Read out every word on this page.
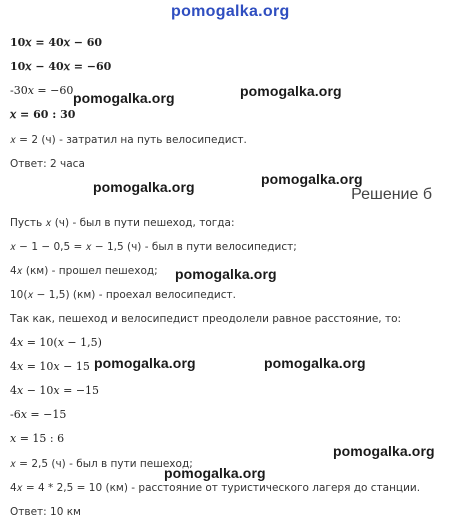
pomogalka.org
10𝑥 = 40𝑥 − 60
10𝑥 − 40𝑥 = −60
-30𝑥 = −60
𝑥 = 60 : 30
𝑥 = 2 (ч) - затратил на путь велосипедист.
Ответ: 2 часа
Решение б
Пусть 𝑥 (ч) - был в пути пешеход, тогда:
𝑥 − 1 − 0,5 = 𝑥 − 1,5 (ч) - был в пути велосипедист;
4𝑥 (км) - прошел пешеход;
10(𝑥 − 1,5) (км) - проехал велосипедист.
Так как, пешеход и велосипедист преодолели равное расстояние, то:
4𝑥 = 10(𝑥 − 1,5)
4𝑥 = 10𝑥 − 15
4𝑥 − 10𝑥 = −15
-6𝑥 = −15
𝑥 = 15 : 6
𝑥 = 2,5 (ч) - был в пути пешеход;
4𝑥 = 4 * 2,5 = 10 (км) - расстояние от туристического лагеря до станции.
Ответ: 10 км
pomogalka.org	pomogalka.org
pomogalka.org	pomogalka.org
pomogalka.org
pomogalka.org	pomogalka.org
pomogalka.org
pomogalka.org
